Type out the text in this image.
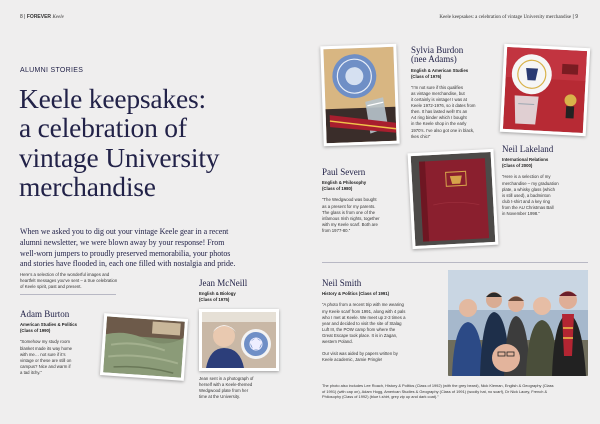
8 | FOREVER Keele	Keele keepsakes: a celebration of vintage University merchandise | 9
ALUMNI STORIES
Keele keepsakes:
a celebration of
vintage University
merchandise
When we asked you to dig out your vintage Keele gear in a recent
alumni newsletter, we were blown away by your response! From
well-worn jumpers to proudly preserved memorabilia, your photos
and stories have flooded in, each one filled with nostalgia and pride.
Here’s a selection of the wonderful images and
heartfelt messages you’ve sent – a true celebration
of Keele spirit, past and present.
Adam Burton
American Studies & Politics
(Class of 1990)
“Somehow my study room
blanket made its way home
with me… not sure if it’s
vintage or these are still on
campus? Nice and warm if
a tad itchy.”
Jean McNeill
English & Biology
(Class of 1975)
Jean sent in a photograph of
herself with a Keele-themed
Wedgwood plate from her
time at the University.
Paul Severn
English & Philosophy
(Class of 1980)
“The Wedgwood was bought
as a present for my parents.
The glass is from one of the
infamous Irish nights, together
with my Keele scarf. Both are
from 1977-80.”
Sylvia Burdon
(nee Adams)
English & American Studies
(Class of 1976)
“I’m not sure if this qualifies
as vintage merchandise, but
it certainly is vintage! I was at
Keele 1972-1976, so it dates from
then. It has lasted well! It’s an
A4 ring binder which I bought
in the Keele shop in the early
1970’s. I’ve also got one in black,
Ikes chic!”
Neil Lakeland
International Relations
(Class of 2000)
“Here is a selection of my
merchandise – my graduation
plate, a whisky glass (which
is still used), a badminton
club t-shirt and a key ring
from the AU Christmas Ball
in November 1998.”
Neil Smith
History & Politics (Class of 1991)
“A photo from a recent trip with me wearing
my Keele scarf from 1991, along with 4 pals
who I met at Keele. We meet up 2-3 times a
year and decided to visit the site of Stalag
Luft III, the POW camp from where the
Great Escape took place. It is in Zagan,
western Poland.
Our visit was aided by papers written by
Keele academic, Jamie Pringle!
The photo also includes Lee Roach, History & Politics (Class of 1992) (with the grey beard), Nick Kleman, English & Geography (Class
of 1991) (with cap on), Adam Hogg, American Studies & Geography (Class of 1991) (woolly hat, no scarf), Dr Nick Lacey, French &
Philosophy (Class of 1992) (blue t-shirt, grey zip up and dark coat).”
